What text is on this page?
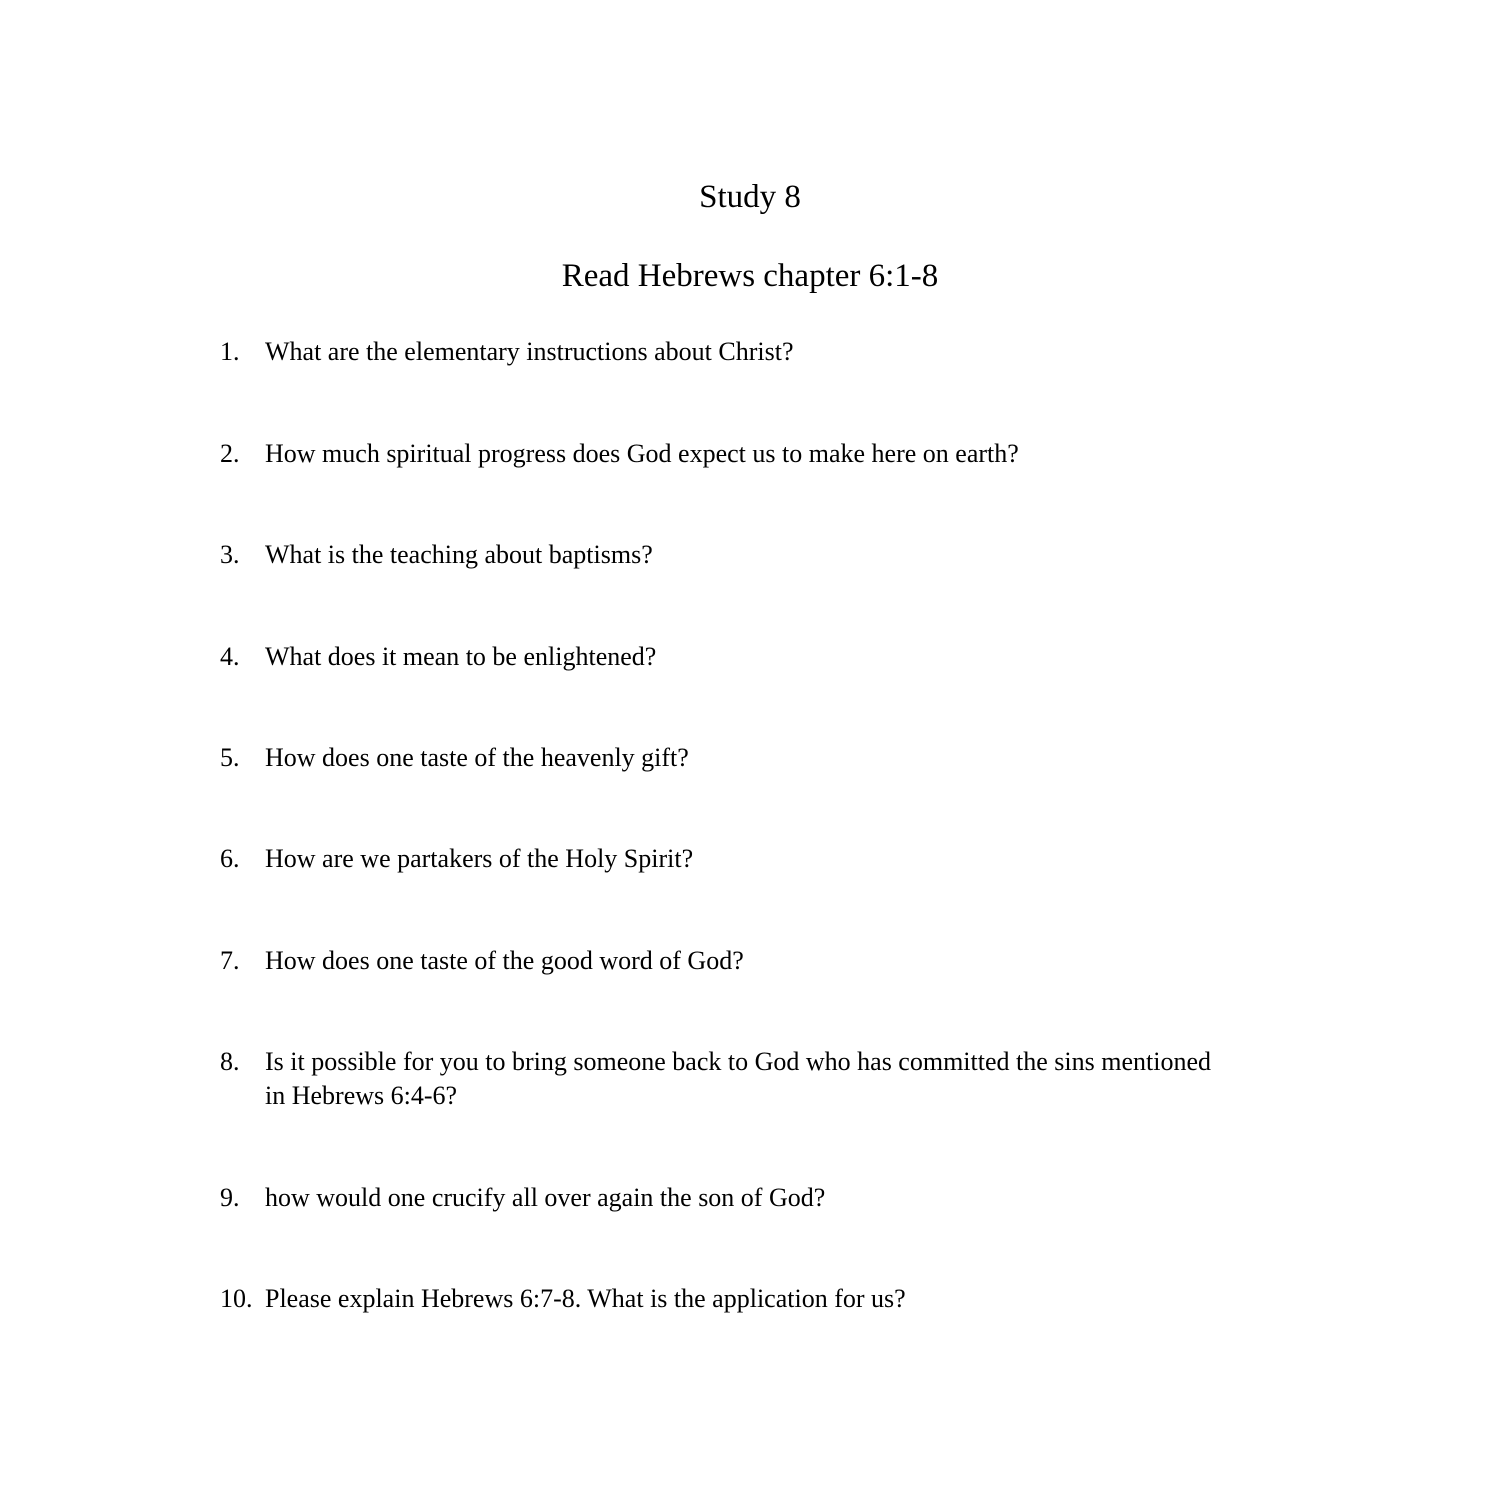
Study 8
Read Hebrews chapter 6:1-8
1. What are the elementary instructions about Christ?
2. How much spiritual progress does God expect us to make here on earth?
3. What is the teaching about baptisms?
4. What does it mean to be enlightened?
5. How does one taste of the heavenly gift?
6. How are we partakers of the Holy Spirit?
7. How does one taste of the good word of God?
8. Is it possible for you to bring someone back to God who has committed the sins mentioned in Hebrews 6:4-6?
9. how would one crucify all over again the son of God?
10. Please explain Hebrews 6:7-8. What is the application for us?
